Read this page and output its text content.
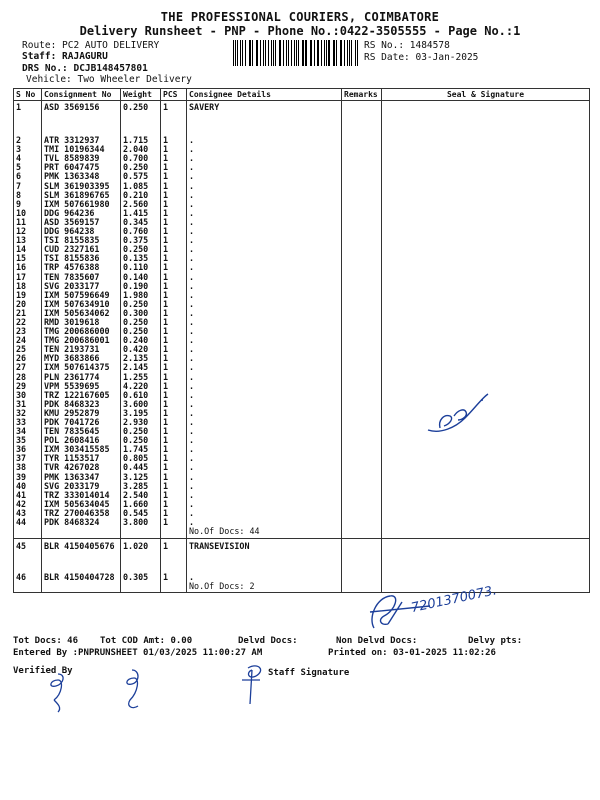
THE PROFESSIONAL COURIERS, COIMBATORE
Delivery Runsheet - PNP - Phone No.:0422-3505555 - Page No.:1
Route: PC2 AUTO DELIVERY
Staff: RAJAGURU
DRS No.: DCJB148457801
Vehicle: Two Wheeler Delivery
RS No.: 1484578
RS Date: 03-Jan-2025
S No	Consignment No	Weight	PCS	Consignee Details	Remarks	Seal & Signature
1	ASD 3569156	0.250	1	SAVERY		

2	ATR 3312937	1.715	1	.		
3	TMI 10196344	2.040	1	.		
4	TVL 8589839	0.700	1	.		
5	PRT 6047475	0.250	1	.		
6	PMK 1363348	0.575	1	.		
7	SLM 361903395	1.085	1	.		
8	SLM 361896765	0.210	1	.		
9	IXM 507661980	2.560	1	.		
10	DDG 964236	1.415	1	.		
11	ASD 3569157	0.345	1	.		
12	DDG 964238	0.760	1	.		
13	TSI 8155835	0.375	1	.		
14	CUD 2327161	0.250	1	.		
15	TSI 8155836	0.135	1	.		
16	TRP 4576388	0.110	1	.		
17	TEN 7835607	0.140	1	.		
18	SVG 2033177	0.190	1	.		
19	IXM 507596649	1.980	1	.		
20	IXM 507634910	0.250	1	.		
21	IXM 505634062	0.300	1	.		
22	RMD 3019618	0.250	1	.		
23	TMG 200686000	0.250	1	.		
24	TMG 200686001	0.240	1	.		
25	TEN 2193731	0.420	1	.		
26	MYD 3683866	2.135	1	.		
27	IXM 507614375	2.145	1	.		
28	PLN 2361774	1.255	1	.		
29	VPM 5539695	4.220	1	.		
30	TRZ 122167605	0.610	1	.		
31	PDK 8468323	3.600	1	.		
32	KMU 2952879	3.195	1	.		
33	PDK 7041726	2.930	1	.		
34	TEN 7835645	0.250	1	.		
35	POL 2608416	0.250	1	.		
36	IXM 303415585	1.745	1	.		
37	TYR 1153517	0.805	1	.		
38	TVR 4267028	0.445	1	.		
39	PMK 1363347	3.125	1	.		
40	SVG 2033179	3.285	1	.		
41	TRZ 333014014	2.540	1	.		
42	IXM 505634045	1.660	1	.		
43	TRZ 270046358	0.545	1	.		
44	PDK 8468324	3.800	1	.		
				No.Of Docs: 44		
45	BLR 4150405676	1.020	1	TRANSEVISION		

46	BLR 4150404728	0.305	1	.		
				No.Of Docs: 2		
Tot Docs: 46 Tot COD Amt: 0.00	Delvd Docs:	Non Delvd Docs:	Delvy pts:
Entered By :PNPRUNSHEET 01/03/2025 11:00:27 AM	Printed on: 03-01-2025 11:02:26
Verified By	Staff Signature
7201370073.
